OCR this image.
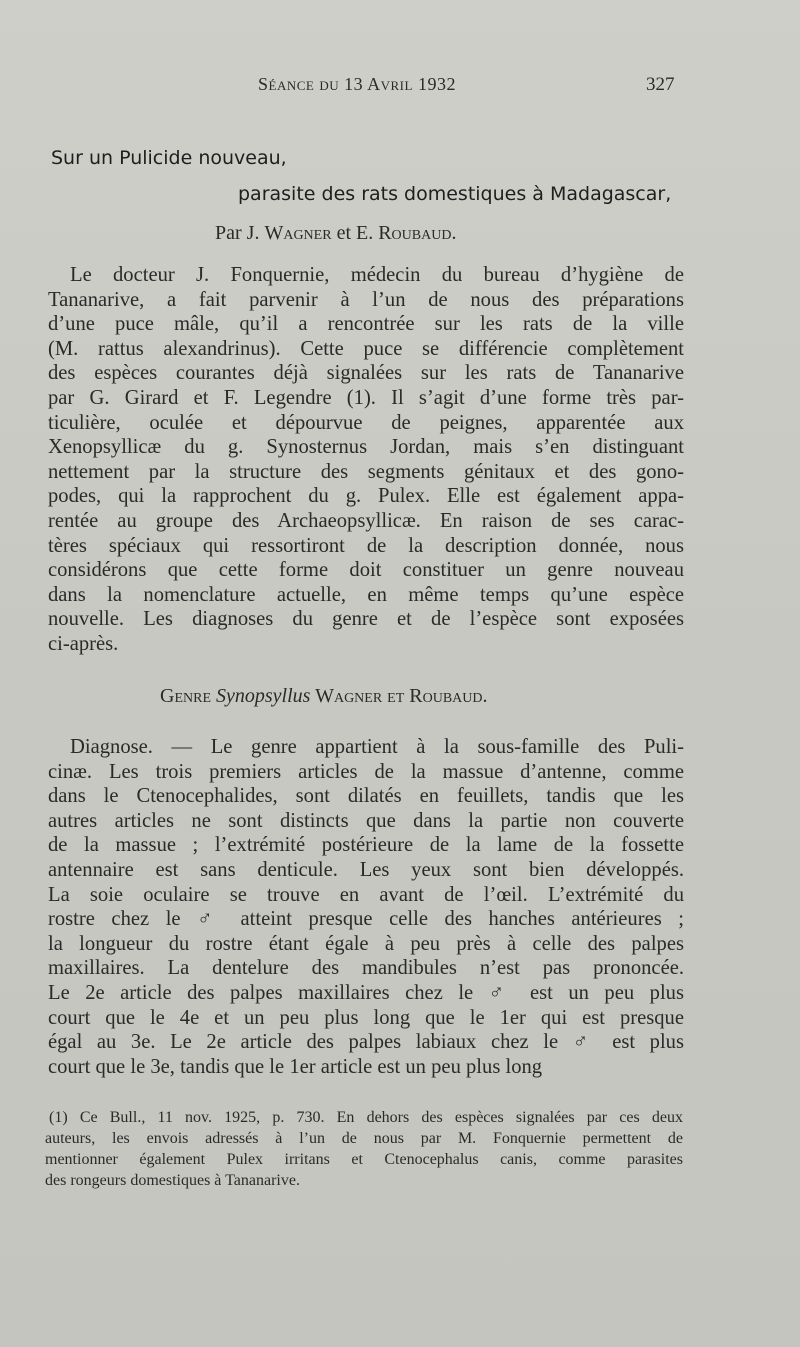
Séance du 13 Avril 1932	327
Sur un Pulicide nouveau,
parasite des rats domestiques à Madagascar,
Par J. Wagner et E. Roubaud.
Le docteur J. Fonquernie, médecin du bureau d’hygiène de
Tananarive, a fait parvenir à l’un de nous des préparations
d’une puce mâle, qu’il a rencontrée sur les rats de la ville
(M. rattus alexandrinus). Cette puce se différencie complètement
des espèces courantes déjà signalées sur les rats de Tananarive
par G. Girard et F. Legendre (1). Il s’agit d’une forme très par-
ticulière, oculée et dépourvue de peignes, apparentée aux
Xenopsyllicæ du g. Synosternus Jordan, mais s’en distinguant
nettement par la structure des segments génitaux et des gono-
podes, qui la rapprochent du g. Pulex. Elle est également appa-
rentée au groupe des Archaeopsyllicæ. En raison de ses carac-
tères spéciaux qui ressortiront de la description donnée, nous
considérons que cette forme doit constituer un genre nouveau
dans la nomenclature actuelle, en même temps qu’une espèce
nouvelle. Les diagnoses du genre et de l’espèce sont exposées
ci-après.
Genre Synopsyllus Wagner et Roubaud.
Diagnose. — Le genre appartient à la sous-famille des Puli-
cinæ. Les trois premiers articles de la massue d’antenne, comme
dans le Ctenocephalides, sont dilatés en feuillets, tandis que les
autres articles ne sont distincts que dans la partie non couverte
de la massue ; l’extrémité postérieure de la lame de la fossette
antennaire est sans denticule. Les yeux sont bien développés.
La soie oculaire se trouve en avant de l’œil. L’extrémité du
rostre chez le ♂ atteint presque celle des hanches antérieures ;
la longueur du rostre étant égale à peu près à celle des palpes
maxillaires. La dentelure des mandibules n’est pas prononcée.
Le 2e article des palpes maxillaires chez le ♂ est un peu plus
court que le 4e et un peu plus long que le 1er qui est presque
égal au 3e. Le 2e article des palpes labiaux chez le ♂ est plus
court que le 3e, tandis que le 1er article est un peu plus long
(1) Ce Bull., 11 nov. 1925, p. 730. En dehors des espèces signalées par ces deux
auteurs, les envois adressés à l’un de nous par M. Fonquernie permettent de
mentionner également Pulex irritans et Ctenocephalus canis, comme parasites
des rongeurs domestiques à Tananarive.
